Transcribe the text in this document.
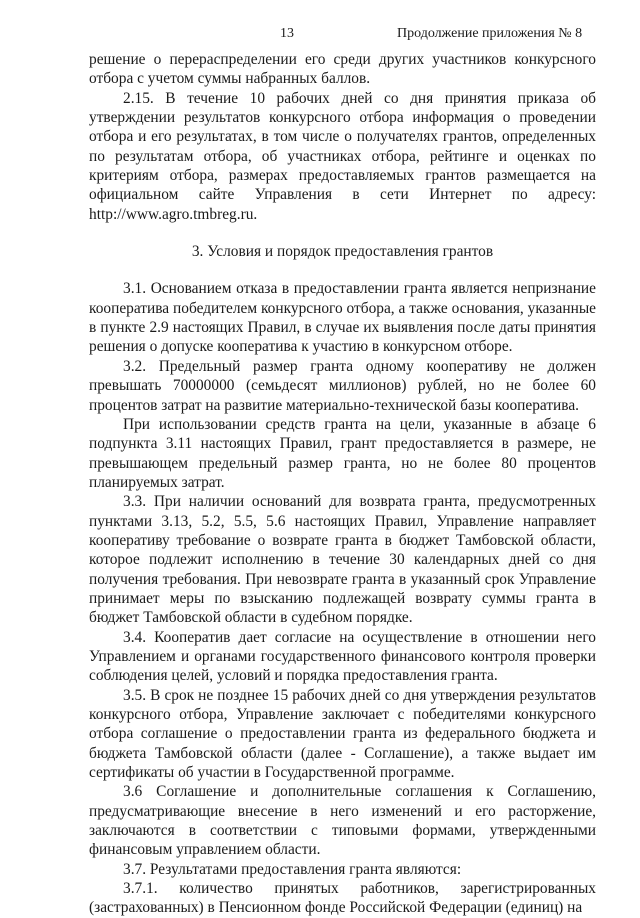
13	Продолжение приложения № 8

решение о перераспределении его среди других участников конкурсного отбора с учетом суммы набранных баллов.

2.15. В течение 10 рабочих дней со дня принятия приказа об утверждении результатов конкурсного отбора информация о проведении отбора и его результатах, в том числе о получателях грантов, определенных по результатам отбора, об участниках отбора, рейтинге и оценках по критериям отбора, размерах предоставляемых грантов размещается на официальном сайте Управления в сети Интернет по адресу: http://www.agro.tmbreg.ru.

3. Условия и порядок предоставления грантов

3.1. Основанием отказа в предоставлении гранта является непризнание кооператива победителем конкурсного отбора, а также основания, указанные в пункте 2.9 настоящих Правил, в случае их выявления после даты принятия решения о допуске кооператива к участию в конкурсном отборе.

3.2. Предельный размер гранта одному кооперативу не должен превышать 70000000 (семьдесят миллионов) рублей, но не более 60 процентов затрат на развитие материально-технической базы кооператива.

При использовании средств гранта на цели, указанные в абзаце 6 подпункта 3.11 настоящих Правил, грант предоставляется в размере, не превышающем предельный размер гранта, но не более 80 процентов планируемых затрат.

3.3. При наличии оснований для возврата гранта, предусмотренных пунктами 3.13, 5.2, 5.5, 5.6 настоящих Правил, Управление направляет кооперативу требование о возврате гранта в бюджет Тамбовской области, которое подлежит исполнению в течение 30 календарных дней со дня получения требования. При невозврате гранта в указанный срок Управление принимает меры по взысканию подлежащей возврату суммы гранта в бюджет Тамбовской области в судебном порядке.

3.4. Кооператив дает согласие на осуществление в отношении него Управлением и органами государственного финансового контроля проверки соблюдения целей, условий и порядка предоставления гранта.

3.5. В срок не позднее 15 рабочих дней со дня утверждения результатов конкурсного отбора, Управление заключает с победителями конкурсного отбора соглашение о предоставлении гранта из федерального бюджета и бюджета Тамбовской области (далее - Соглашение), а также выдает им сертификаты об участии в Государственной программе.

3.6 Соглашение и дополнительные соглашения к Соглашению, предусматривающие внесение в него изменений и его расторжение, заключаются в соответствии с типовыми формами, утвержденными финансовым управлением области.

3.7. Результатами предоставления гранта являются:

3.7.1. количество принятых работников, зарегистрированных (застрахованных) в Пенсионном фонде Российской Федерации (единиц) на
